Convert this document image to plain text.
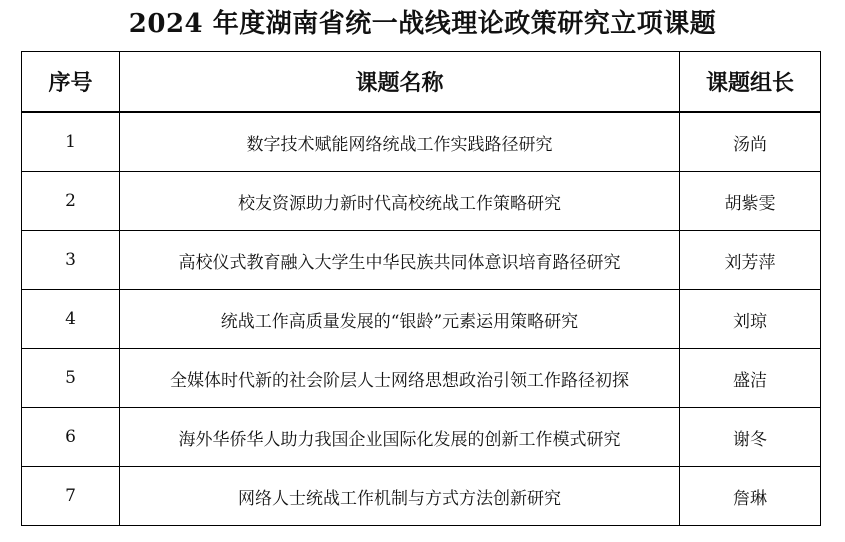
2024 年度湖南省统一战线理论政策研究立项课题
序号	课题名称	课题组长
1	数字技术赋能网络统战工作实践路径研究	汤尚
2	校友资源助力新时代高校统战工作策略研究	胡紫雯
3	高校仪式教育融入大学生中华民族共同体意识培育路径研究	刘芳萍
4	统战工作高质量发展的“银龄”元素运用策略研究	刘琼
5	全媒体时代新的社会阶层人士网络思想政治引领工作路径初探	盛洁
6	海外华侨华人助力我国企业国际化发展的创新工作模式研究	谢冬
7	网络人士统战工作机制与方式方法创新研究	詹琳
